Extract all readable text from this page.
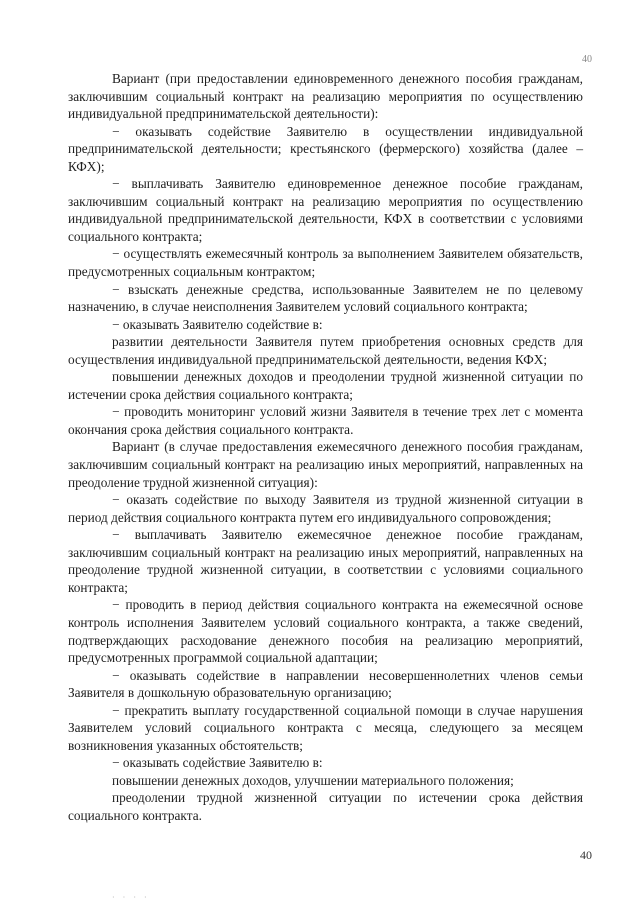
40

Вариант (при предоставлении единовременного денежного пособия гражданам, заключившим социальный контракт на реализацию мероприятия по осуществлению индивидуальной предпринимательской деятельности):

− оказывать содействие Заявителю в осуществлении индивидуальной предпринимательской деятельности; крестьянского (фермерского) хозяйства (далее – КФХ);

− выплачивать Заявителю единовременное денежное пособие гражданам, заключившим социальный контракт на реализацию мероприятия по осуществлению индивидуальной предпринимательской деятельности, КФХ в соответствии с условиями социального контракта;

− осуществлять ежемесячный контроль за выполнением Заявителем обязательств, предусмотренных социальным контрактом;

− взыскать денежные средства, использованные Заявителем не по целевому назначению, в случае неисполнения Заявителем условий социального контракта;

− оказывать Заявителю содействие в:

развитии деятельности Заявителя путем приобретения основных средств для осуществления индивидуальной предпринимательской деятельности, ведения КФХ;

повышении денежных доходов и преодолении трудной жизненной ситуации по истечении срока действия социального контракта;

− проводить мониторинг условий жизни Заявителя в течение трех лет с момента окончания срока действия социального контракта.

Вариант (в случае предоставления ежемесячного денежного пособия гражданам, заключившим социальный контракт на реализацию иных мероприятий, направленных на преодоление трудной жизненной ситуация):

− оказать содействие по выходу Заявителя из трудной жизненной ситуации в период действия социального контракта путем его индивидуального сопровождения;

− выплачивать Заявителю ежемесячное денежное пособие гражданам, заключившим социальный контракт на реализацию иных мероприятий, направленных на преодоление трудной жизненной ситуации, в соответствии с условиями социального контракта;

− проводить в период действия социального контракта на ежемесячной основе контроль исполнения Заявителем условий социального контракта, а также сведений, подтверждающих расходование денежного пособия на реализацию мероприятий, предусмотренных программой социальной адаптации;

− оказывать содействие в направлении несовершеннолетних членов семьи Заявителя в дошкольную образовательную организацию;

− прекратить выплату государственной социальной помощи в случае нарушения Заявителем условий социального контракта с месяца, следующего за месяцем возникновения указанных обстоятельств;

− оказывать содействие Заявителю в:

повышении денежных доходов, улучшении материального положения;

преодолении трудной жизненной ситуации по истечении срока действия социального контракта.

40
· · · ·
